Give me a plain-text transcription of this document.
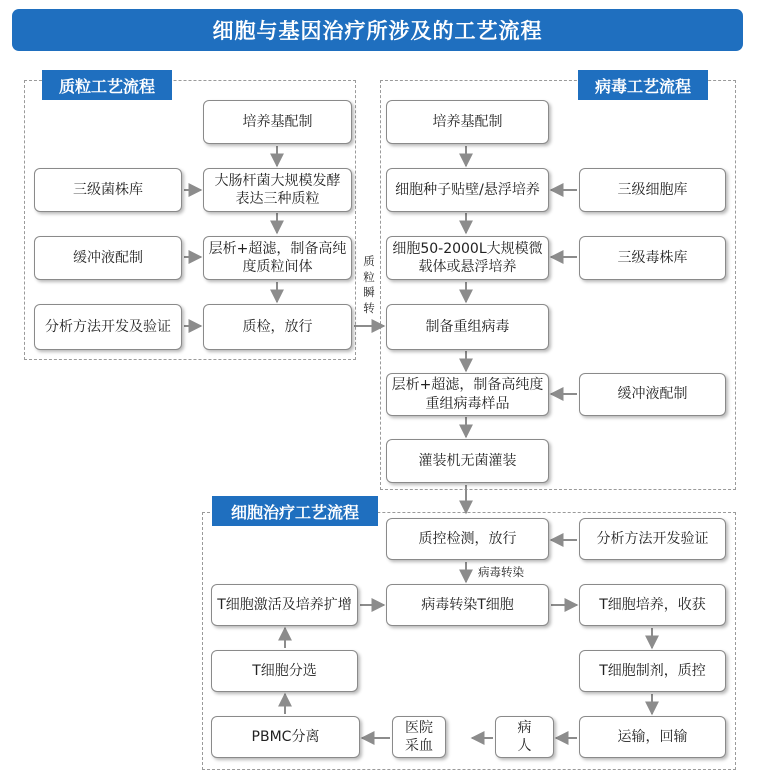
细胞与基因治疗所涉及的工艺流程
质粒工艺流程	病毒工艺流程
细胞治疗工艺流程
培养基配制
大肠杆菌大规模发酵表达三种质粒
层析+超滤，制备高纯度质粒间体
质检，放行
三级菌株库
缓冲液配制
分析方法开发及验证
质粒瞬转
培养基配制
细胞种子贴壁/悬浮培养
细胞50-2000L大规模微载体或悬浮培养
制备重组病毒
层析+超滤，制备高纯度重组病毒样品
灌装机无菌灌装
三级细胞库
三级毒株库
缓冲液配制
质控检测，放行	分析方法开发验证
病毒转染
病毒转染T细胞
T细胞激活及培养扩增	T细胞培养，收获
T细胞分选	T细胞制剂，质控
PBMC分离
医院采血
病人
运输，回输
